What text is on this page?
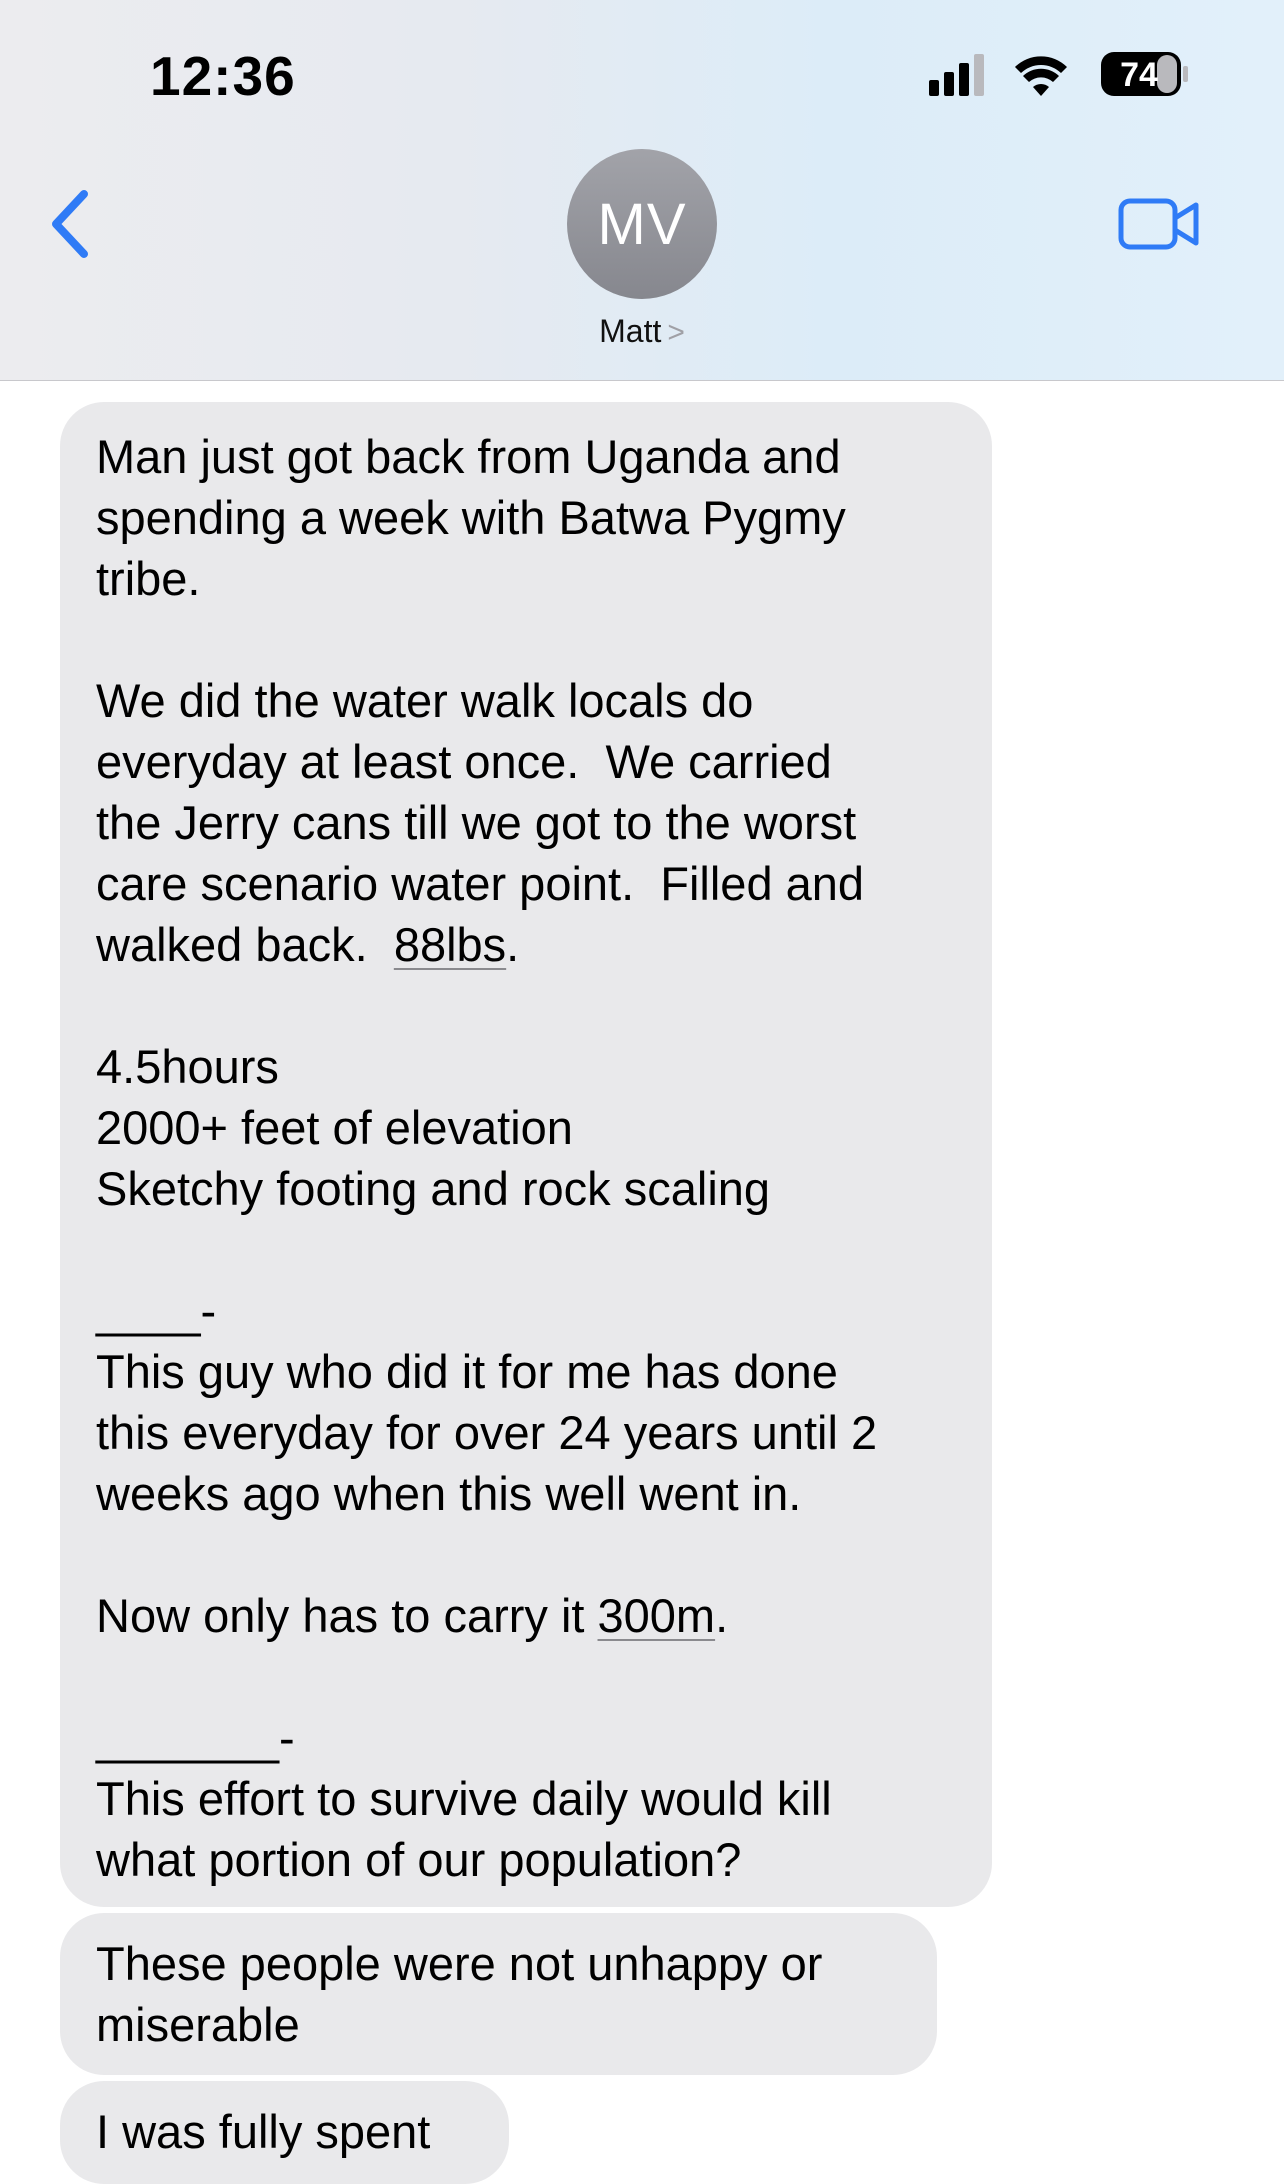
12:36	74
MV
Matt >
Man just got back from Uganda and
spending a week with Batwa Pygmy
tribe.
We did the water walk locals do
everyday at least once.  We carried
the Jerry cans till we got to the worst
care scenario water point.  Filled and
walked back.  88lbs.
4.5hours
2000+ feet of elevation
Sketchy footing and rock scaling
____-
This guy who did it for me has done
this everyday for over 24 years until 2
weeks ago when this well went in.
Now only has to carry it 300m.
_______-
This effort to survive daily would kill
what portion of our population?
These people were not unhappy or
miserable
I was fully spent
